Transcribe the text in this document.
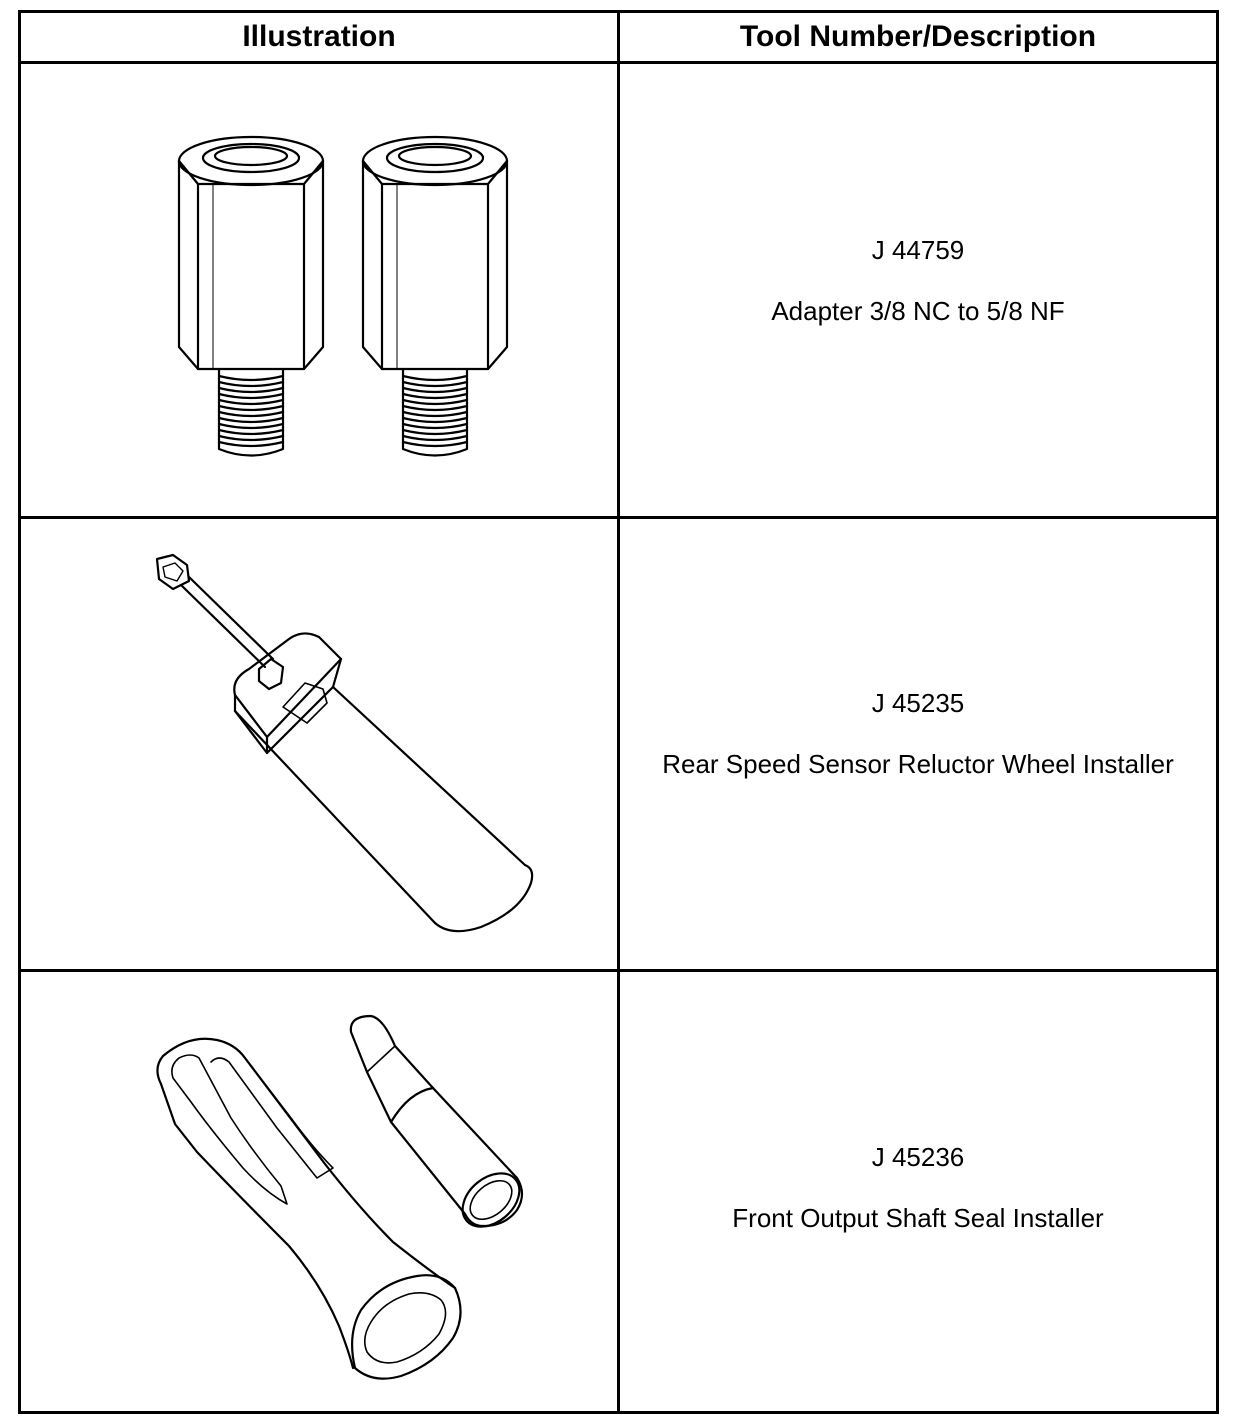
Illustration	Tool Number/Description
J 44759
Adapter 3/8 NC to 5/8 NF
J 45235
Rear Speed Sensor Reluctor Wheel Installer
J 45236
Front Output Shaft Seal Installer
